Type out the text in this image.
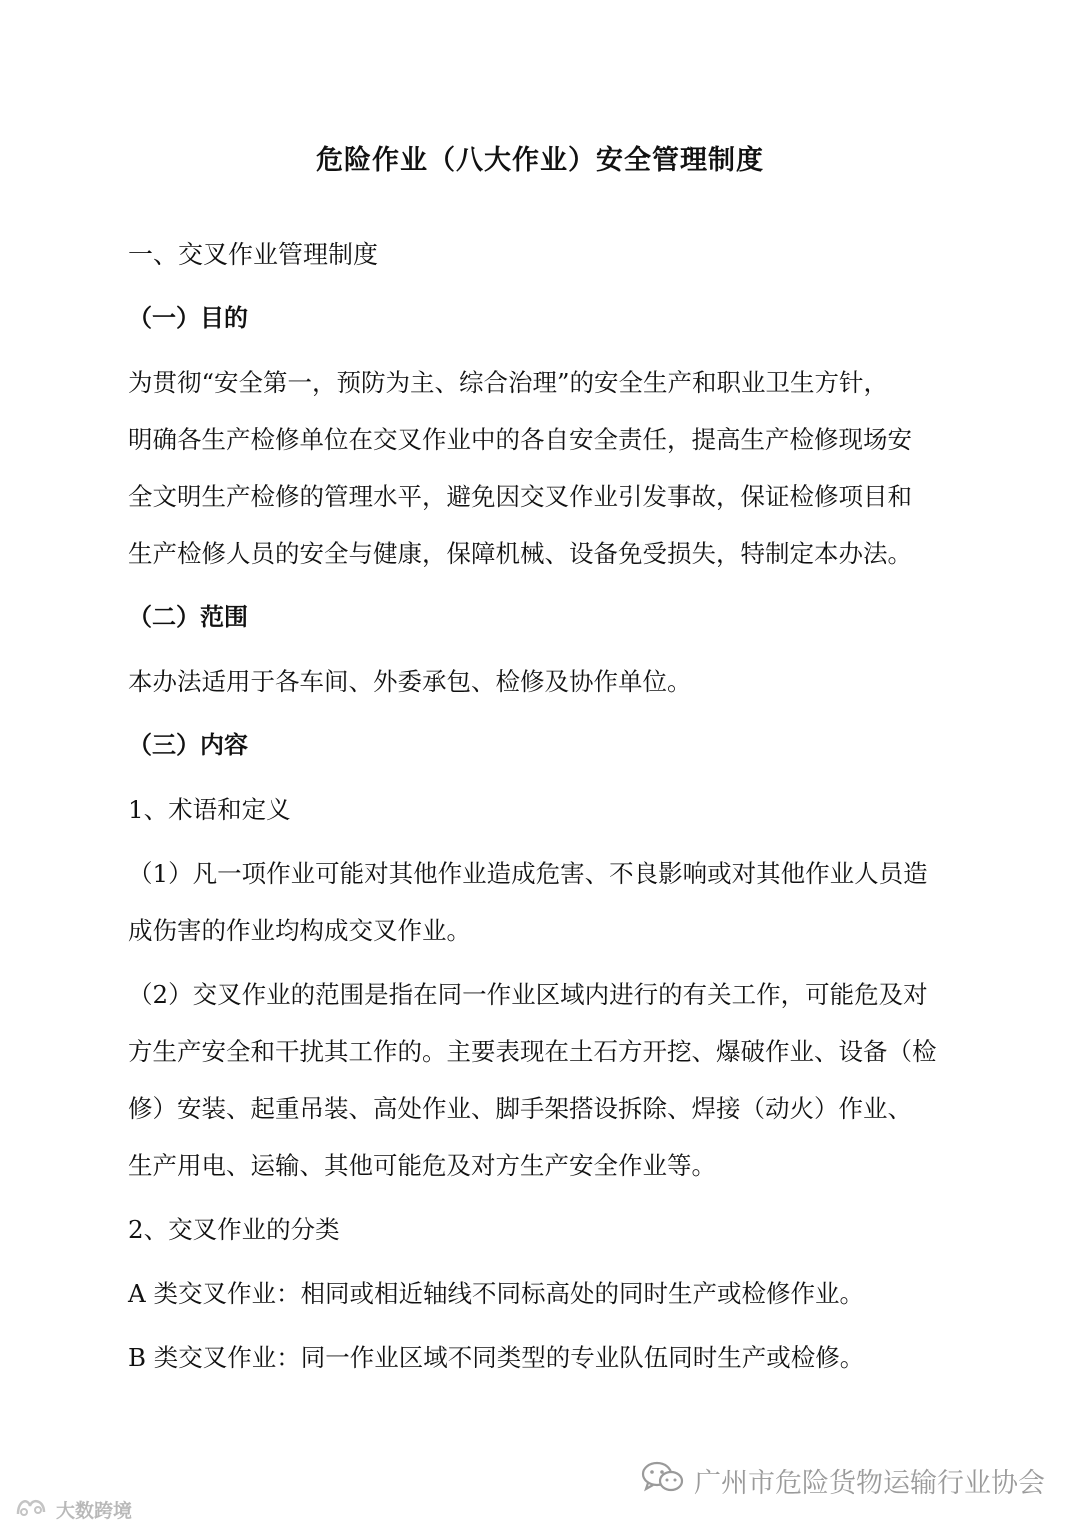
危险作业（八大作业）安全管理制度

一、交叉作业管理制度

（一）目的

为贯彻“安全第一，预防为主、综合治理”的安全生产和职业卫生方针，

明确各生产检修单位在交叉作业中的各自安全责任，提高生产检修现场安

全文明生产检修的管理水平，避免因交叉作业引发事故，保证检修项目和

生产检修人员的安全与健康，保障机械、设备免受损失，特制定本办法。

（二）范围

本办法适用于各车间、外委承包、检修及协作单位。

（三）内容

1、术语和定义

（1）凡一项作业可能对其他作业造成危害、不良影响或对其他作业人员造

成伤害的作业均构成交叉作业。

（2）交叉作业的范围是指在同一作业区域内进行的有关工作，可能危及对

方生产安全和干扰其工作的。主要表现在土石方开挖、爆破作业、设备（检

修）安装、起重吊装、高处作业、脚手架搭设拆除、焊接（动火）作业、

生产用电、运输、其他可能危及对方生产安全作业等。

2、交叉作业的分类

A 类交叉作业：相同或相近轴线不同标高处的同时生产或检修作业。

B 类交叉作业：同一作业区域不同类型的专业队伍同时生产或检修。

广州市危险货物运输行业协会
大数跨境
